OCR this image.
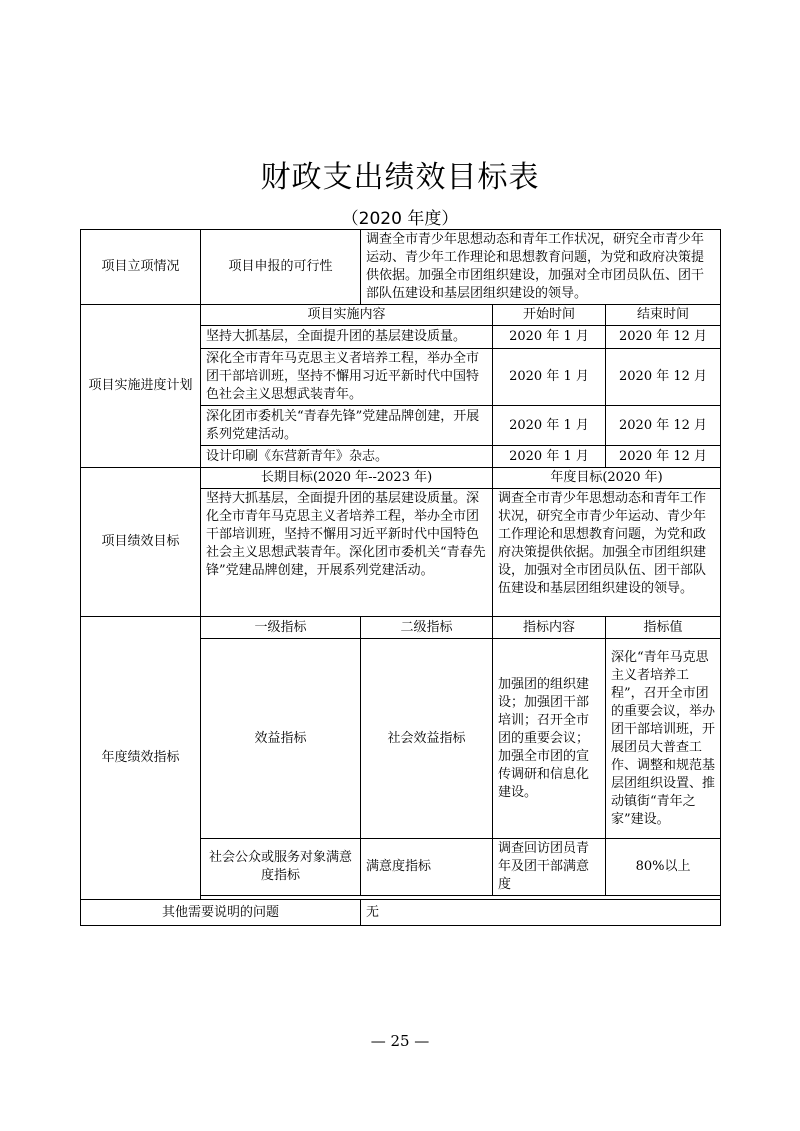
财政支出绩效目标表
（2020 年度）
项目立项情况	项目申报的可行性	调查全市青少年思想动态和青年工作状况，研究全市青少年运动、青少年工作理论和思想教育问题，为党和政府决策提供依据。加强全市团组织建设，加强对全市团员队伍、团干部队伍建设和基层团组织建设的领导。		
项目实施进度计划	项目实施内容		开始时间	结束时间
	坚持大抓基层，全面提升团的基层建设质量。		2020 年 1 月	2020 年 12 月
	深化全市青年马克思主义者培养工程，举办全市团干部培训班，坚持不懈用习近平新时代中国特色社会主义思想武装青年。		2020 年 1 月	2020 年 12 月
	深化团市委机关“青春先锋”党建品牌创建，开展系列党建活动。		2020 年 1 月	2020 年 12 月
	设计印刷《东营新青年》杂志。		2020 年 1 月	2020 年 12 月
项目绩效目标	长期目标(2020 年--2023 年)		年度目标(2020 年)	
	坚持大抓基层，全面提升团的基层建设质量。深化全市青年马克思主义者培养工程，举办全市团干部培训班，坚持不懈用习近平新时代中国特色社会主义思想武装青年。深化团市委机关“青春先锋”党建品牌创建，开展系列党建活动。		调查全市青少年思想动态和青年工作状况，研究全市青少年运动、青少年工作理论和思想教育问题，为党和政府决策提供依据。加强全市团组织建设，加强对全市团员队伍、团干部队伍建设和基层团组织建设的领导。	
年度绩效指标	一级指标	二级指标	指标内容	指标值
	效益指标	社会效益指标	加强团的组织建设；加强团干部培训；召开全市团的重要会议；加强全市团的宣传调研和信息化建设。	深化“青年马克思主义者培养工程”，召开全市团的重要会议，举办团干部培训班，开展团员大普查工作、调整和规范基层团组织设置、推动镇街“青年之家”建设。
	社会公众或服务对象满意度指标	满意度指标	调查回访团员青年及团干部满意度	80%以上

其他需要说明的问题		无		
— 25 —
